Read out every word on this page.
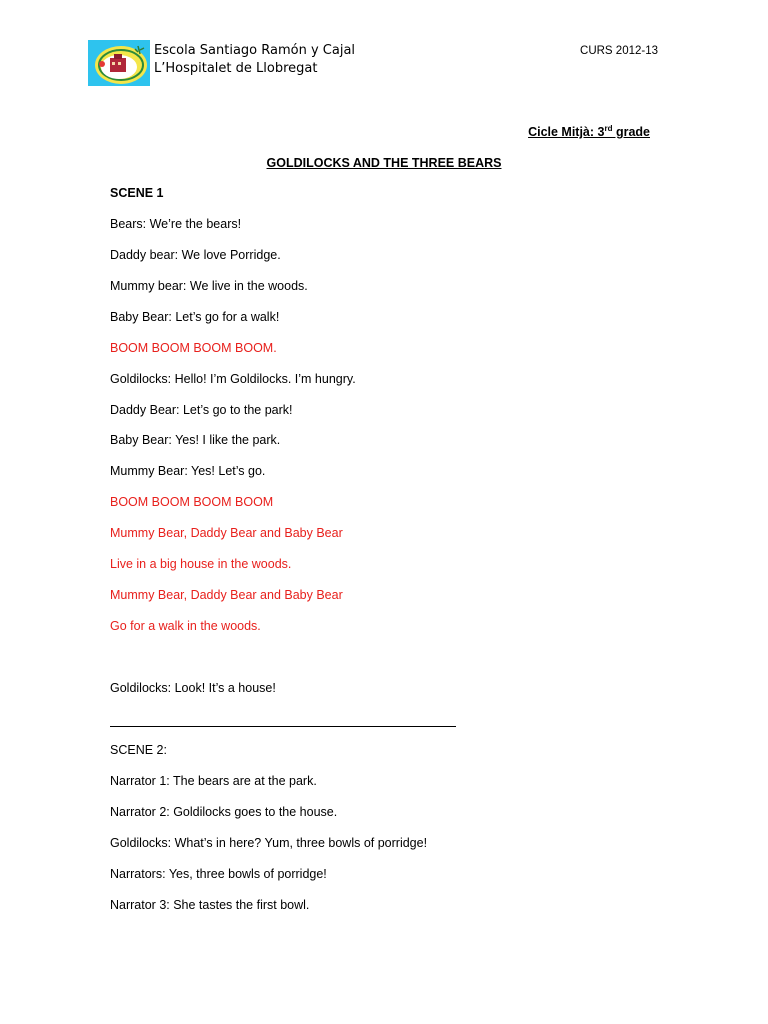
Escola Santiago Ramón y Cajal
L’Hospitalet de Llobregat
CURS 2012-13
Cicle Mitjà: 3rd grade
GOLDILOCKS AND THE THREE BEARS
SCENE 1
Bears: We’re the bears!
Daddy bear: We love Porridge.
Mummy bear: We live in the woods.
Baby Bear: Let’s go for a walk!
BOOM BOOM BOOM BOOM.
Goldilocks: Hello! I’m Goldilocks. I’m hungry.
Daddy Bear: Let’s go to the park!
Baby Bear: Yes! I like the park.
Mummy Bear: Yes! Let’s go.
BOOM BOOM BOOM BOOM
Mummy Bear, Daddy Bear and Baby Bear
Live in a big house in the woods.
Mummy Bear, Daddy Bear and Baby Bear
Go for a walk in the woods.
Goldilocks: Look! It’s a house!
SCENE 2:
Narrator 1: The bears are at the park.
Narrator 2: Goldilocks goes to the house.
Goldilocks: What’s in here? Yum, three bowls of porridge!
Narrators: Yes, three bowls of porridge!
Narrator 3: She tastes the first bowl.
